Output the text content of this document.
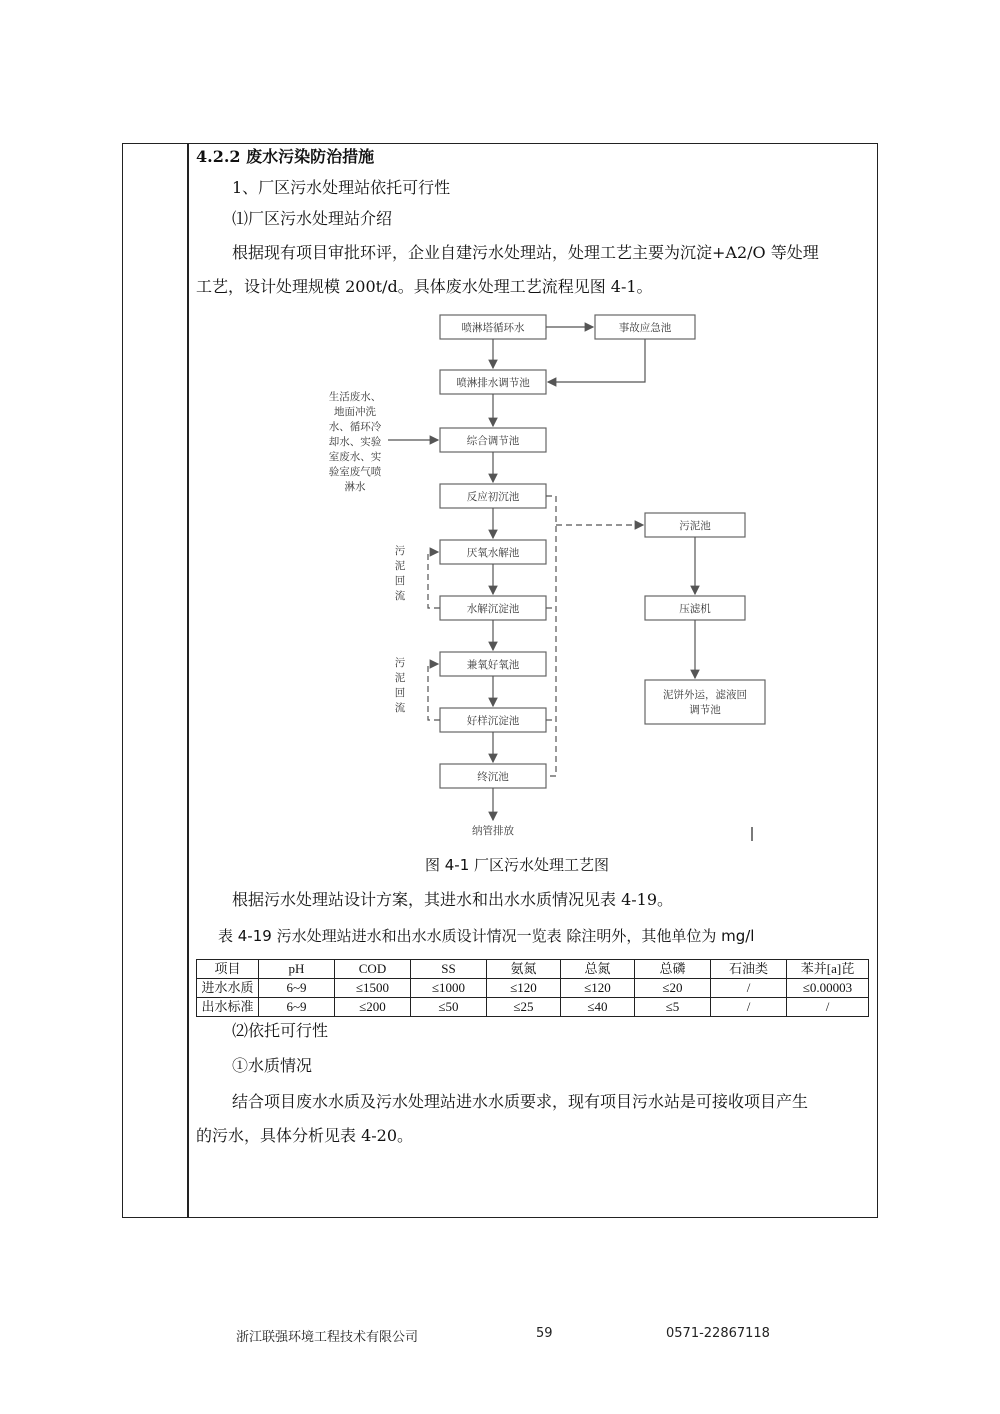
4.2.2 废水污染防治措施
1、厂区污水处理站依托可行性
⑴厂区污水处理站介绍
根据现有项目审批环评，企业自建污水处理站，处理工艺主要为沉淀+A2/O 等处理
工艺，设计处理规模 200t/d。具体废水处理工艺流程见图 4-1。
喷淋塔循环水	事故应急池
喷淋排水调节池
综合调节池
反应初沉池
厌氧水解池
水解沉淀池
兼氧好氧池
好样沉淀池
终沉池
污泥池
压滤机
泥饼外运，滤液回
调节池
纳管排放
生活废水、
地面冲洗
水、循环冷
却水、实验
室废水、实
验室废气喷
淋水
污
泥
回
流
污
泥
回
流
图 4-1 厂区污水处理工艺图
根据污水处理站设计方案，其进水和出水水质情况见表 4-19。
表 4-19 污水处理站进水和出水水质设计情况一览表 除注明外，其他单位为 mg/l
项目	pH	COD	SS	氨氮	总氮	总磷	石油类	苯并[a]芘
进水水质	6~9	≤1500	≤1000	≤120	≤120	≤20	/	≤0.00003
出水标准	6~9	≤200	≤50	≤25	≤40	≤5	/	/
⑵依托可行性
①水质情况
结合项目废水水质及污水处理站进水水质要求，现有项目污水站是可接收项目产生
的污水，具体分析见表 4-20。
浙江联强环境工程技术有限公司	59	0571-22867118
